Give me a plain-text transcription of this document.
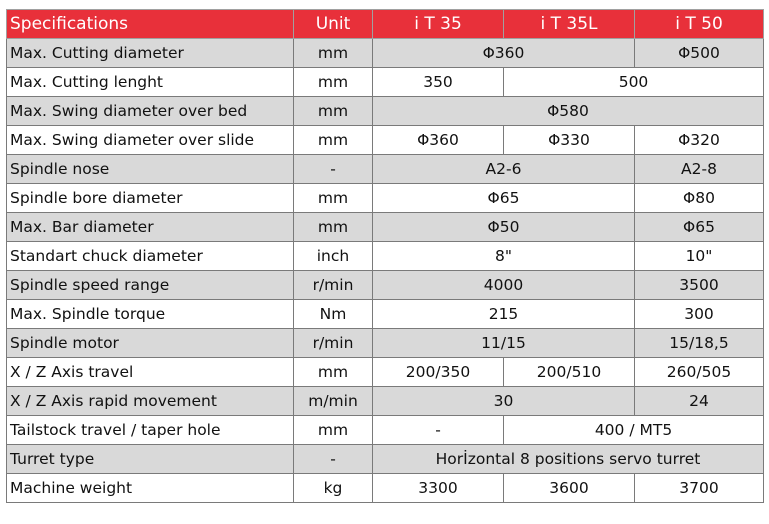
Specifications	Unit	i T 35	i T 35L	i T 50
Max. Cutting diameter	mm	Φ360		Φ500
Max. Cutting lenght	mm	350	500	
Max. Swing diameter over bed	mm	Φ580		
Max. Swing diameter over slide	mm	Φ360	Φ330	Φ320
Spindle nose	-	A2-6		A2-8
Spindle bore diameter	mm	Φ65		Φ80
Max. Bar diameter	mm	Φ50		Φ65
Standart chuck diameter	inch	8"		10"
Spindle speed range	r/min	4000		3500
Max. Spindle torque	Nm	215		300
Spindle motor	r/min	11/15		15/18,5
X / Z Axis travel	mm	200/350	200/510	260/505
X / Z Axis rapid movement	m/min	30		24
Tailstock travel / taper hole	mm	-	400 / MT5	
Turret type	-	Horİzontal 8 positions servo turret		
Machine weight	kg	3300	3600	3700
